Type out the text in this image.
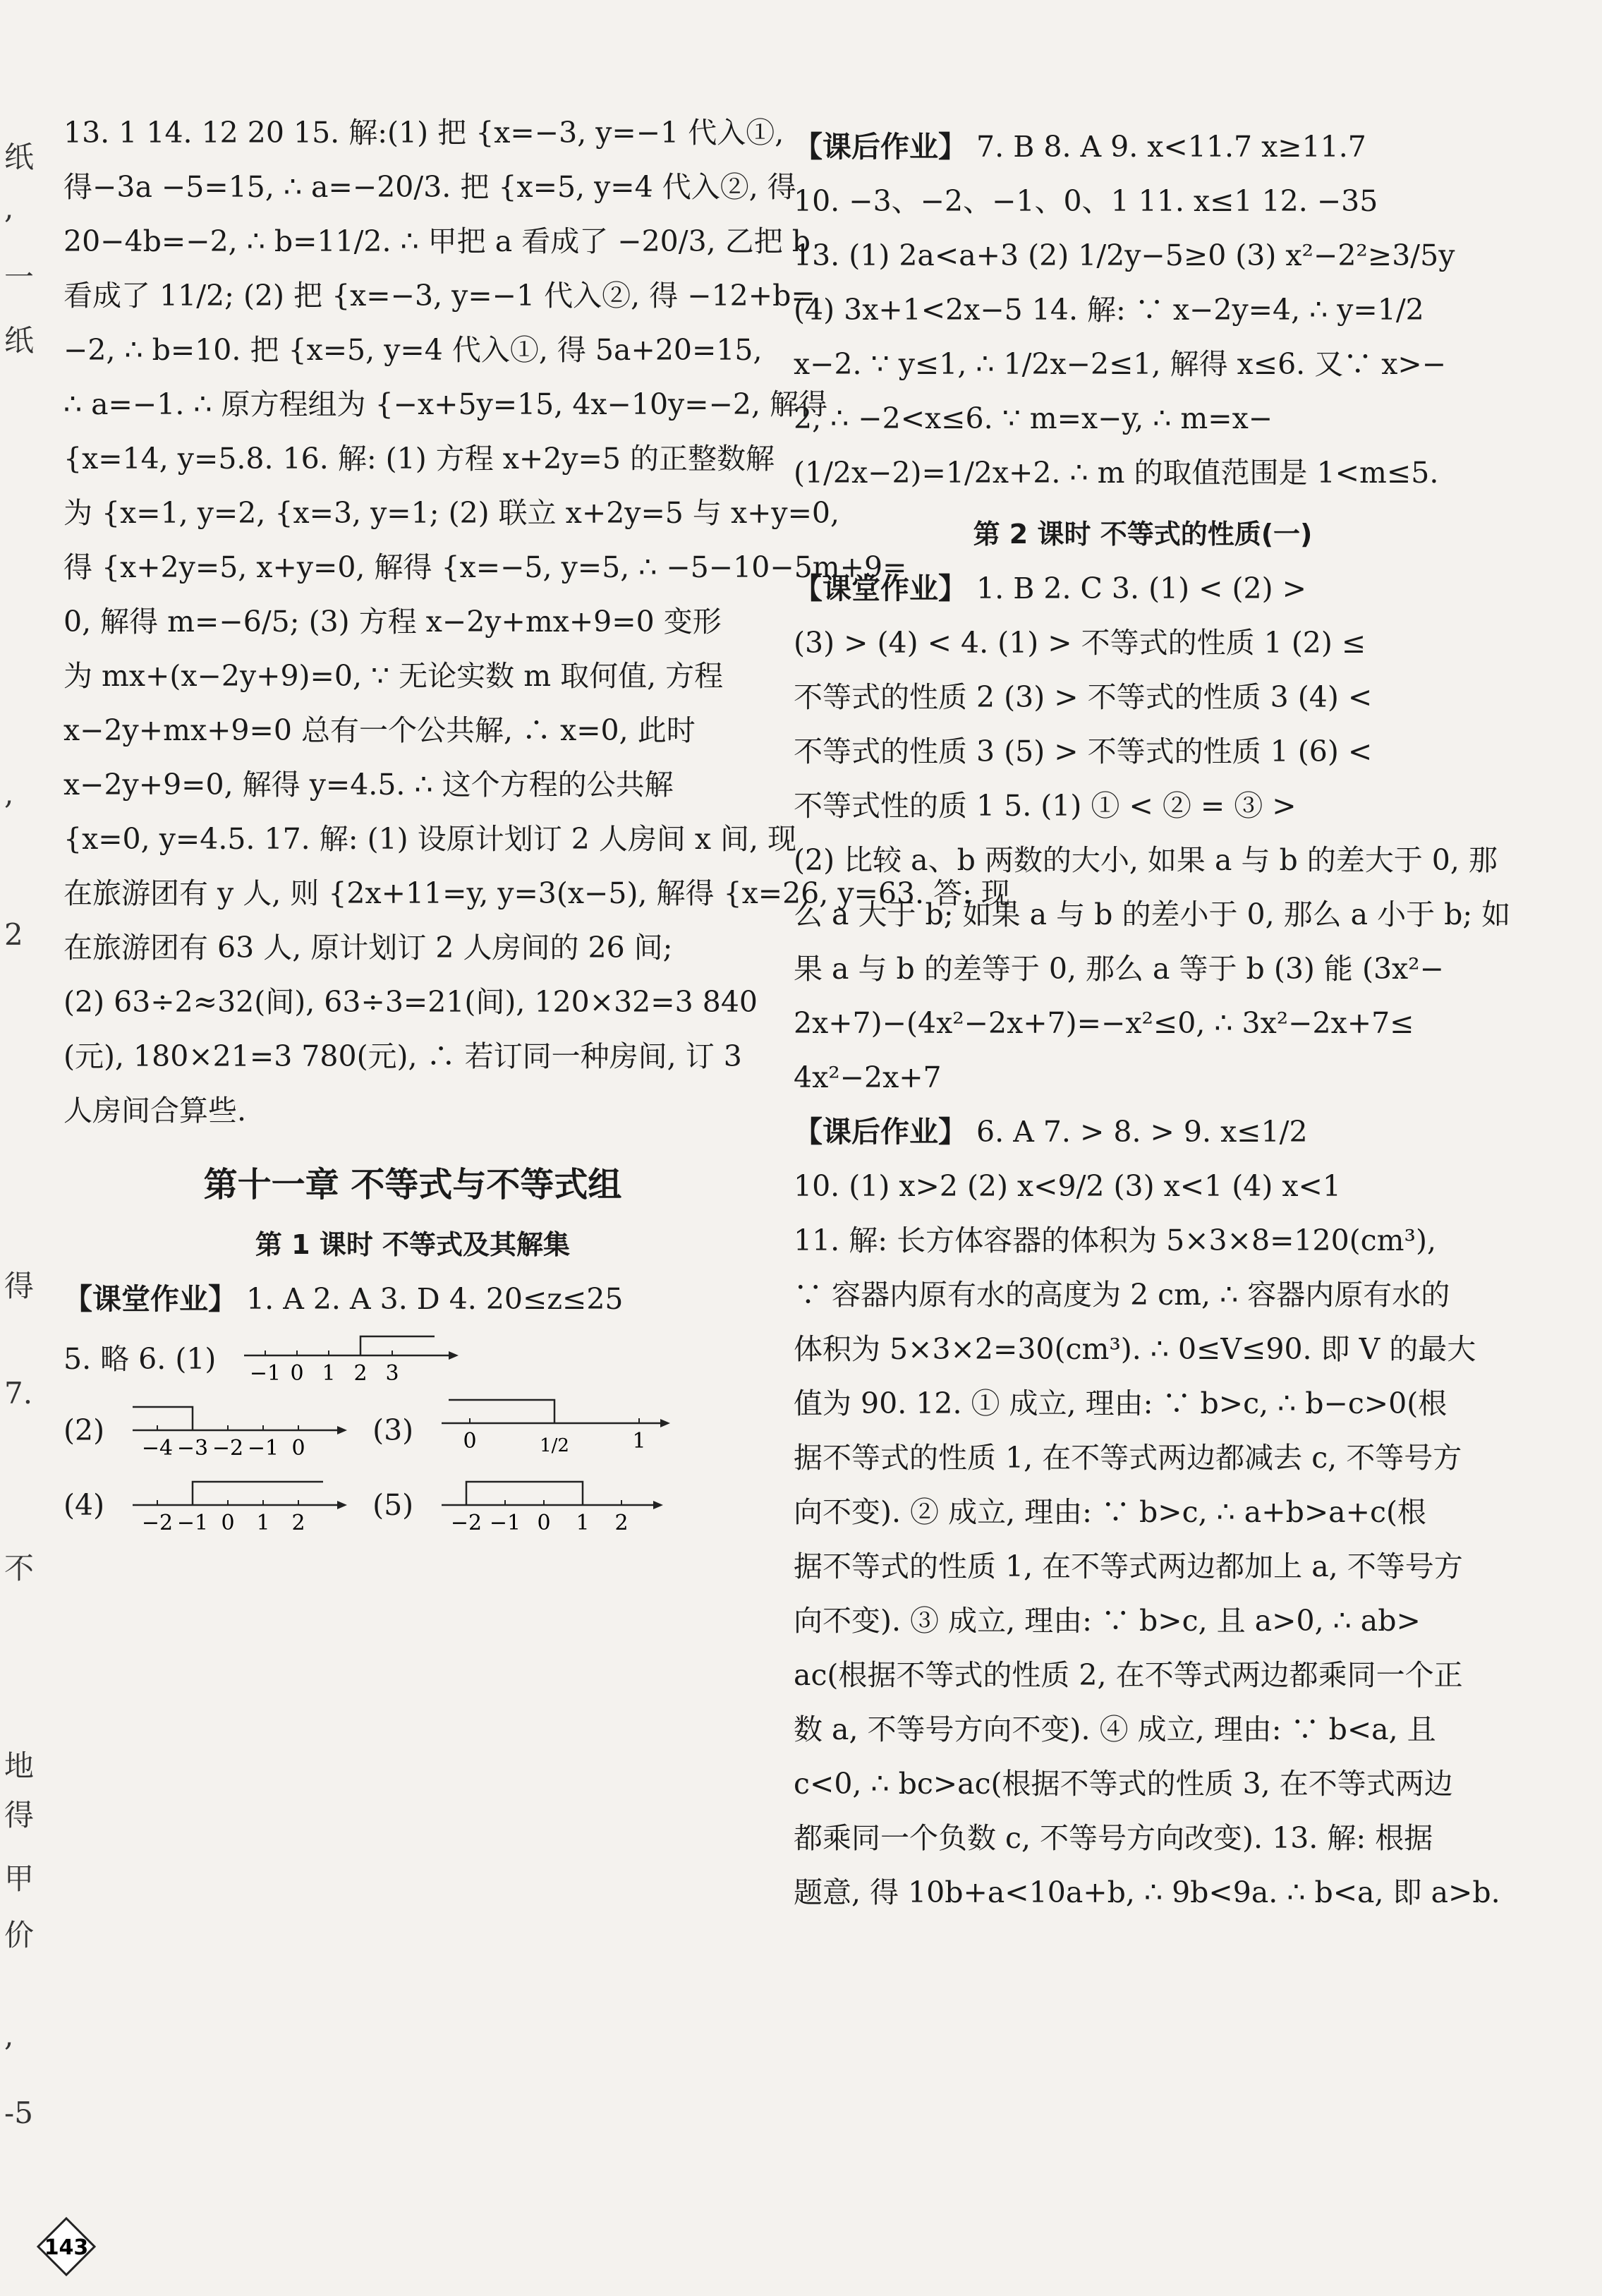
纸
,
一
纸
,
2
得
7.
不
地
得
甲
价
,
-5

13. 1 14. 12 20 15. 解:(1) 把 {x=−3, y=−1 代入①,

得−3a −5=15, ∴ a=−20/3. 把 {x=5, y=4 代入②, 得

20−4b=−2, ∴ b=11/2. ∴ 甲把 a 看成了 −20/3, 乙把 b

看成了 11/2; (2) 把 {x=−3, y=−1 代入②, 得 −12+b=

−2, ∴ b=10. 把 {x=5, y=4 代入①, 得 5a+20=15,

∴ a=−1. ∴ 原方程组为 {−x+5y=15, 4x−10y=−2, 解得

{x=14, y=5.8. 16. 解: (1) 方程 x+2y=5 的正整数解

为 {x=1, y=2, {x=3, y=1; (2) 联立 x+2y=5 与 x+y=0,

得 {x+2y=5, x+y=0, 解得 {x=−5, y=5, ∴ −5−10−5m+9=

0, 解得 m=−6/5; (3) 方程 x−2y+mx+9=0 变形

为 mx+(x−2y+9)=0, ∵ 无论实数 m 取何值, 方程

x−2y+mx+9=0 总有一个公共解, ∴ x=0, 此时

x−2y+9=0, 解得 y=4.5. ∴ 这个方程的公共解

{x=0, y=4.5. 17. 解: (1) 设原计划订 2 人房间 x 间, 现

在旅游团有 y 人, 则 {2x+11=y, y=3(x−5), 解得 {x=26, y=63. 答: 现

在旅游团有 63 人, 原计划订 2 人房间的 26 间;

(2) 63÷2≈32(间), 63÷3=21(间), 120×32=3 840

(元), 180×21=3 780(元), ∴ 若订同一种房间, 订 3

人房间合算些.

第十一章 不等式与不等式组

第 1 课时 不等式及其解集

【课堂作业】 1. A 2. A 3. D 4. 20≤z≤25

5. 略 6. (1) −1 0 1 2 3
(2)
−4 −3 −2 −1 0
(3) 0	1/2	1
(4)
−2 −1 0 1 2
(5)
−2 −1 0 1 2

【课后作业】 7. B 8. A 9. x<11.7 x≥11.7

10. −3、−2、−1、0、1 11. x≤1 12. −35

13. (1) 2a<a+3 (2) 1/2y−5≥0 (3) x²−2²≥3/5y

(4) 3x+1<2x−5 14. 解: ∵ x−2y=4, ∴ y=1/2

x−2. ∵ y≤1, ∴ 1/2x−2≤1, 解得 x≤6. 又∵ x>−

2, ∴ −2<x≤6. ∵ m=x−y, ∴ m=x−

(1/2x−2)=1/2x+2. ∴ m 的取值范围是 1<m≤5.

第 2 课时 不等式的性质(一)

【课堂作业】 1. B 2. C 3. (1) < (2) >

(3) > (4) < 4. (1) > 不等式的性质 1 (2) ≤

不等式的性质 2 (3) > 不等式的性质 3 (4) <

不等式的性质 3 (5) > 不等式的性质 1 (6) <

不等式性的质 1 5. (1) ① < ② = ③ >

(2) 比较 a、b 两数的大小, 如果 a 与 b 的差大于 0, 那

么 a 大于 b; 如果 a 与 b 的差小于 0, 那么 a 小于 b; 如

果 a 与 b 的差等于 0, 那么 a 等于 b (3) 能 (3x²−

2x+7)−(4x²−2x+7)=−x²≤0, ∴ 3x²−2x+7≤

4x²−2x+7

【课后作业】 6. A 7. > 8. > 9. x≤1/2

10. (1) x>2 (2) x<9/2 (3) x<1 (4) x<1

11. 解: 长方体容器的体积为 5×3×8=120(cm³),

∵ 容器内原有水的高度为 2 cm, ∴ 容器内原有水的

体积为 5×3×2=30(cm³). ∴ 0≤V≤90. 即 V 的最大

值为 90. 12. ① 成立, 理由: ∵ b>c, ∴ b−c>0(根

据不等式的性质 1, 在不等式两边都减去 c, 不等号方

向不变). ② 成立, 理由: ∵ b>c, ∴ a+b>a+c(根

据不等式的性质 1, 在不等式两边都加上 a, 不等号方

向不变). ③ 成立, 理由: ∵ b>c, 且 a>0, ∴ ab>

ac(根据不等式的性质 2, 在不等式两边都乘同一个正

数 a, 不等号方向不变). ④ 成立, 理由: ∵ b<a, 且

c<0, ∴ bc>ac(根据不等式的性质 3, 在不等式两边

都乘同一个负数 c, 不等号方向改变). 13. 解: 根据

题意, 得 10b+a<10a+b, ∴ 9b<9a. ∴ b<a, 即 a>b.

143
